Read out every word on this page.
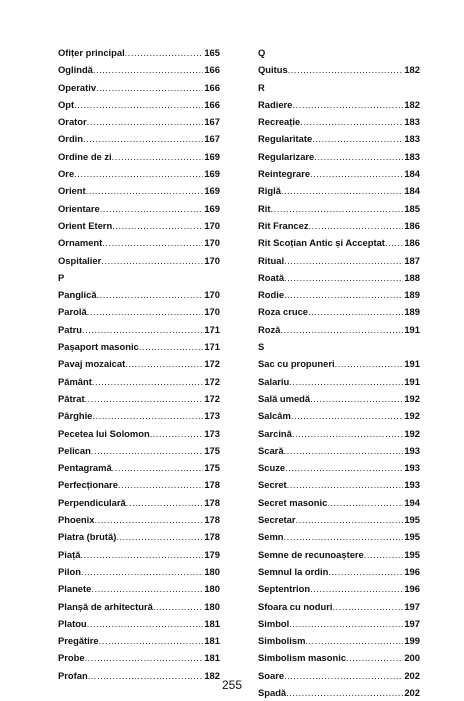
Ofițer principal .....	165
Oglindă .....	166
Operativ .....	166
Opt .....	166
Orator .....	167
Ordin .....	167
Ordine de zi .....	169
Ore .....	169
Orient .....	169
Orientare .....	169
Orient Etern .....	170
Ornament .....	170
Ospitalier .....	170
P
Panglică .....	170
Parolă .....	170
Patru .....	171
Pașaport masonic .....	171
Pavaj mozaicat .....	172
Pământ .....	172
Pătrat .....	172
Pârghie .....	173
Pecetea lui Solomon .....	173
Pelican .....	175
Pentagramă .....	175
Perfecționare .....	178
Perpendiculară .....	178
Phoenix .....	178
Piatra (brută) .....	178
Piață .....	179
Pilon .....	180
Planete .....	180
Planșă de arhitectură .....	180
Platou .....	181
Pregătire .....	181
Probe .....	181
Profan .....	182
Q
Quitus .....	182
R
Radiere .....	182
Recreație .....	183
Regularitate .....	183
Regularizare .....	183
Reintegrare .....	184
Riglă .....	184
Rit .....	185
Rit Francez .....	186
Rit Scoțian Antic și Acceptat ..... 186
Ritual .....	187
Roată .....	188
Rodie .....	189
Roza cruce .....	189
Roză .....	191
S
Sac cu propuneri .....	191
Salariu .....	191
Sală umedă .....	192
Salcâm .....	192
Sarcină .....	192
Scară .....	193
Scuze .....	193
Secret .....	193
Secret masonic .....	194
Secretar .....	195
Semn .....	195
Semne de recunoaștere .....	195
Semnul la ordin .....	196
Septentrion .....	196
Sfoara cu noduri .....	197
Simbol .....	197
Simbolism .....	199
Simbolism masonic .....	200
Soare .....	202
Spadă .....	202
255
